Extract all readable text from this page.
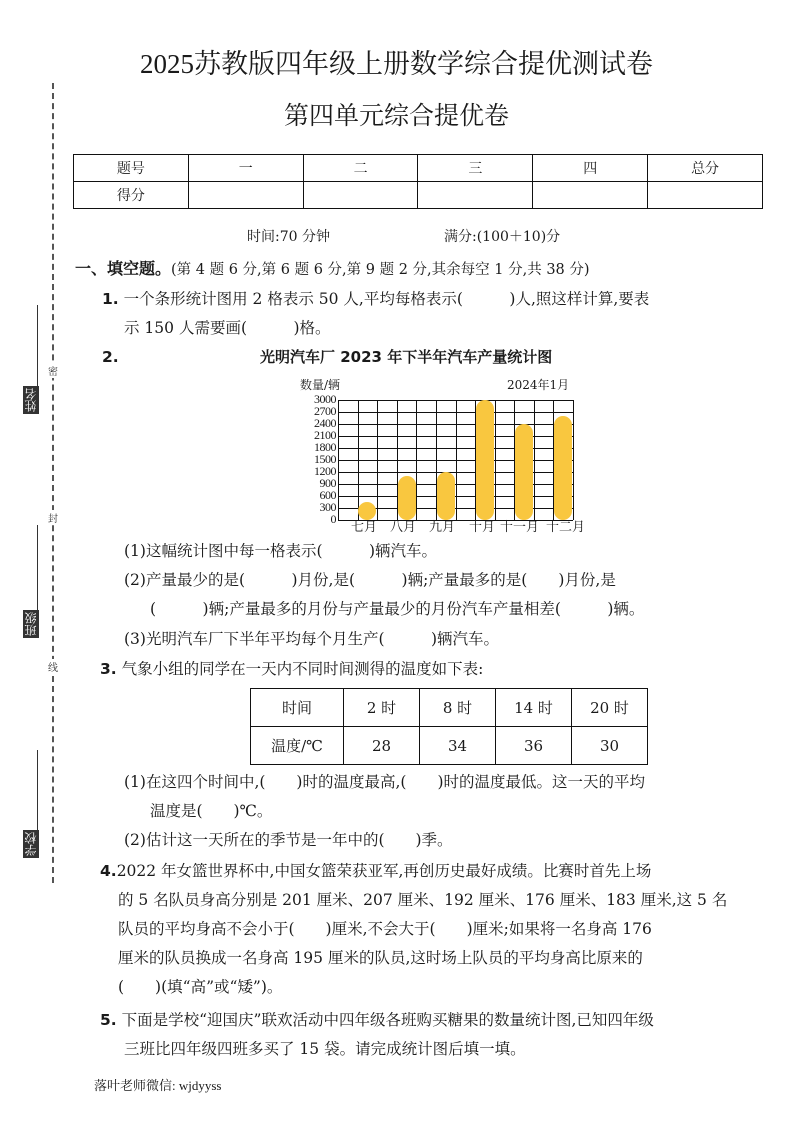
密
封
线
姓名
班级
学校
2025苏教版四年级上册数学综合提优测试卷
第四单元综合提优卷
题号	一	二	三	四	总分
得分					
时间:70 分钟	满分:(100＋10)分
一、填空题。(第 4 题 6 分,第 6 题 6 分,第 9 题 2 分,其余每空 1 分,共 38 分)
1. 一个条形统计图用 2 格表示 50 人,平均每格表示(　　　)人,照这样计算,要表
示 150 人需要画(　　　)格。
2.	光明汽车厂 2023 年下半年汽车产量统计图
数量/辆	2024年1月
3000
2700
2400
2100
1800
1500
1200
900
600
300
0
七月 八月 九月 十月 十一月 十二月
(1)这幅统计图中每一格表示(　　　)辆汽车。
(2)产量最少的是(　　　)月份,是(　　　)辆;产量最多的是(　　)月份,是
(　　　)辆;产量最多的月份与产量最少的月份汽车产量相差(　　　)辆。
(3)光明汽车厂下半年平均每个月生产(　　　)辆汽车。
3. 气象小组的同学在一天内不同时间测得的温度如下表:
时间	2 时	8 时	14 时	20 时
温度/℃	28	34	36	30
(1)在这四个时间中,(　　)时的温度最高,(　　)时的温度最低。这一天的平均
温度是(　　)℃。
(2)估计这一天所在的季节是一年中的(　　)季。
4.2022 年女篮世界杯中,中国女篮荣获亚军,再创历史最好成绩。比赛时首先上场
的 5 名队员身高分别是 201 厘米、207 厘米、192 厘米、176 厘米、183 厘米,这 5 名
队员的平均身高不会小于(　　)厘米,不会大于(　　)厘米;如果将一名身高 176
厘米的队员换成一名身高 195 厘米的队员,这时场上队员的平均身高比原来的
(　　)(填“高”或“矮”)。
5. 下面是学校“迎国庆”联欢活动中四年级各班购买糖果的数量统计图,已知四年级
三班比四年级四班多买了 15 袋。请完成统计图后填一填。
落叶老师微信: wjdyyss
